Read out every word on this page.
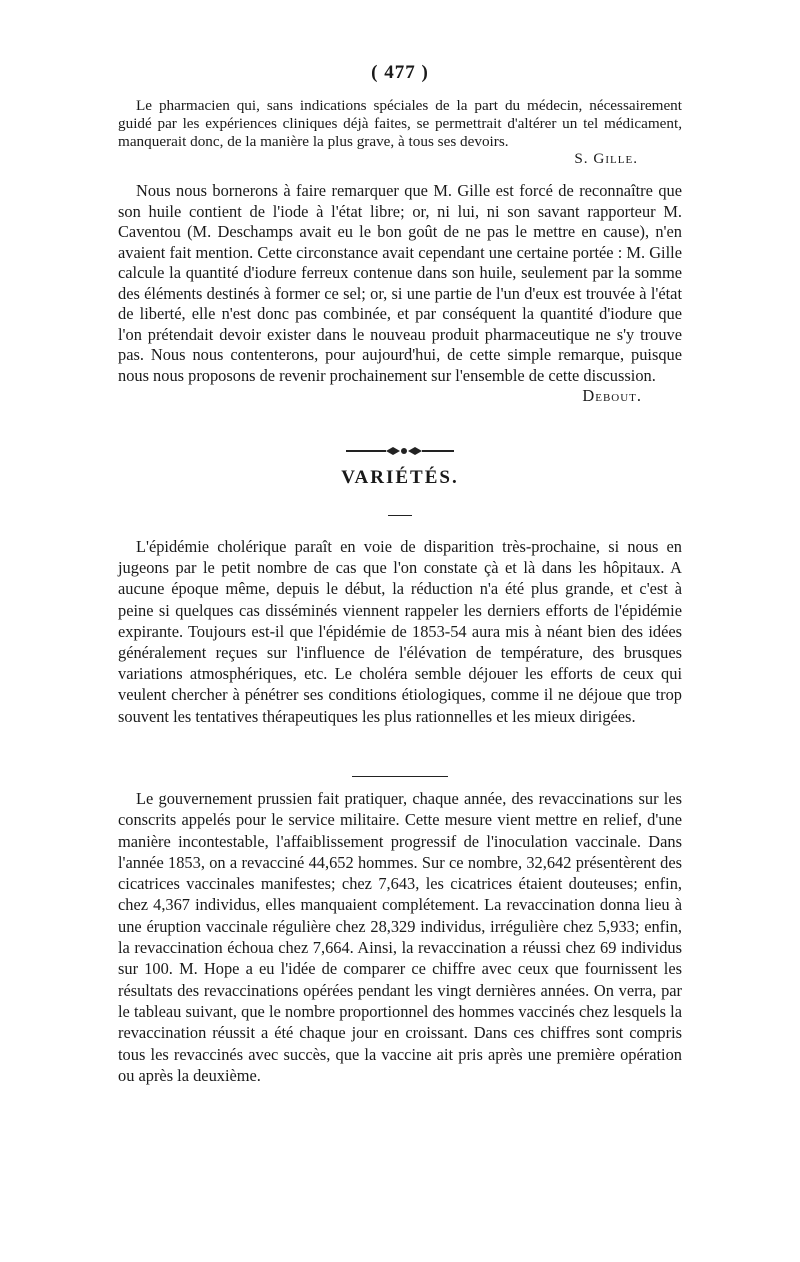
( 477 )

Le pharmacien qui, sans indications spéciales de la part du médecin, nécessairement guidé par les expériences cliniques déjà faites, se permettrait d'altérer un tel médicament, manquerait donc, de la manière la plus grave, à tous ses devoirs.

S. Gille.

Nous nous bornerons à faire remarquer que M. Gille est forcé de reconnaître que son huile contient de l'iode à l'état libre; or, ni lui, ni son savant rapporteur M. Caventou (M. Deschamps avait eu le bon goût de ne pas le mettre en cause), n'en avaient fait mention. Cette circonstance avait cependant une certaine portée : M. Gille calcule la quantité d'iodure ferreux contenue dans son huile, seulement par la somme des éléments destinés à former ce sel; or, si une partie de l'un d'eux est trouvée à l'état de liberté, elle n'est donc pas combinée, et par conséquent la quantité d'iodure que l'on prétendait devoir exister dans le nouveau produit pharmaceutique ne s'y trouve pas. Nous nous contenterons, pour aujourd'hui, de cette simple remarque, puisque nous nous proposons de revenir prochainement sur l'ensemble de cette discussion.

Debout.

VARIÉTÉS.

L'épidémie cholérique paraît en voie de disparition très-prochaine, si nous en jugeons par le petit nombre de cas que l'on constate çà et là dans les hôpitaux. A aucune époque même, depuis le début, la réduction n'a été plus grande, et c'est à peine si quelques cas disséminés viennent rappeler les derniers efforts de l'épidémie expirante. Toujours est-il que l'épidémie de 1853-54 aura mis à néant bien des idées généralement reçues sur l'influence de l'élévation de température, des brusques variations atmosphériques, etc. Le choléra semble déjouer les efforts de ceux qui veulent chercher à pénétrer ses conditions étiologiques, comme il ne déjoue que trop souvent les tentatives thérapeutiques les plus rationnelles et les mieux dirigées.

Le gouvernement prussien fait pratiquer, chaque année, des revaccinations sur les conscrits appelés pour le service militaire. Cette mesure vient mettre en relief, d'une manière incontestable, l'affaiblissement progressif de l'inoculation vaccinale. Dans l'année 1853, on a revacciné 44,652 hommes. Sur ce nombre, 32,642 présentèrent des cicatrices vaccinales manifestes; chez 7,643, les cicatrices étaient douteuses; enfin, chez 4,367 individus, elles manquaient complétement. La revaccination donna lieu à une éruption vaccinale régulière chez 28,329 individus, irrégulière chez 5,933; enfin, la revaccination échoua chez 7,664. Ainsi, la revaccination a réussi chez 69 individus sur 100. M. Hope a eu l'idée de comparer ce chiffre avec ceux que fournissent les résultats des revaccinations opérées pendant les vingt dernières années. On verra, par le tableau suivant, que le nombre proportionnel des hommes vaccinés chez lesquels la revaccination réussit a été chaque jour en croissant. Dans ces chiffres sont compris tous les revaccinés avec succès, que la vaccine ait pris après une première opération ou après la deuxième.
